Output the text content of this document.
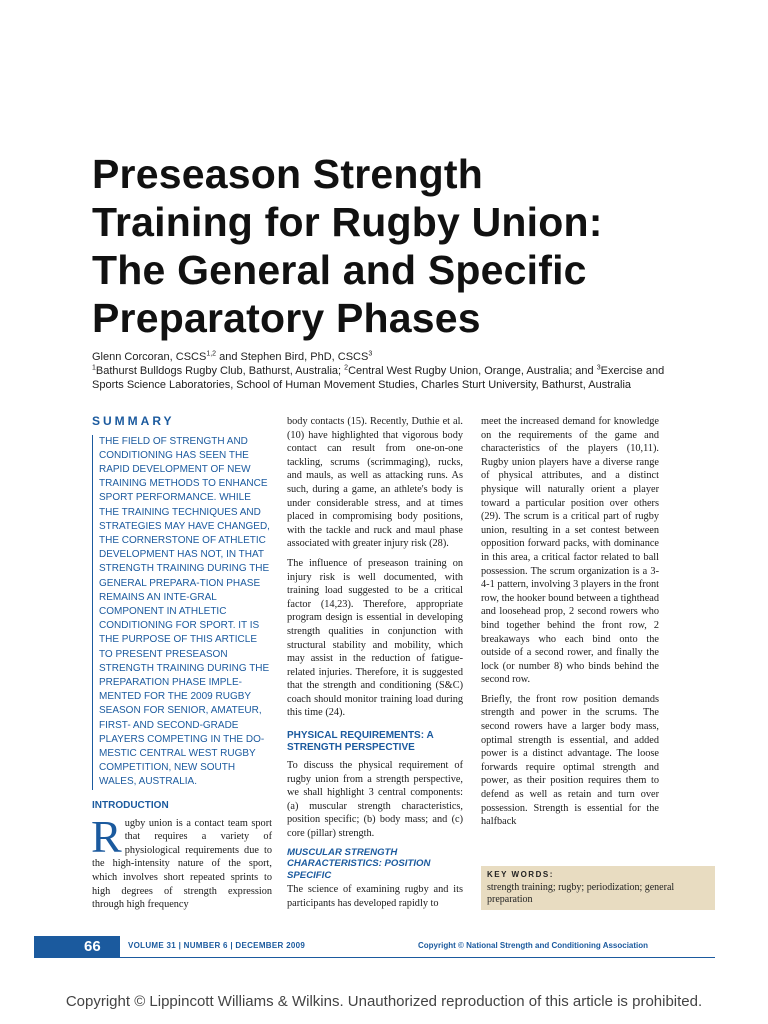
Preseason Strength
Training for Rugby Union:
The General and Specific
Preparatory Phases
Glenn Corcoran, CSCS$^{1,2}$ and Stephen Bird, PhD, CSCS$^3$
$^1$Bathurst Bulldogs Rugby Club, Bathurst, Australia; $^2$Central West Rugby Union, Orange, Australia; and $^3$Exercise and
Sports Science Laboratories, School of Human Movement Studies, Charles Sturt University, Bathurst, Australia
SUMMARY

THE FIELD OF STRENGTH AND CONDITIONING HAS SEEN THE RAPID DEVELOPMENT OF NEW TRAINING METHODS TO ENHANCE SPORT PERFORMANCE. WHILE THE TRAINING TECHNIQUES AND STRATEGIES MAY HAVE CHANGED, THE CORNERSTONE OF ATHLETIC DEVELOPMENT HAS NOT, IN THAT STRENGTH TRAINING DURING THE GENERAL PREPARA-TION PHASE REMAINS AN INTE-GRAL COMPONENT IN ATHLETIC CONDITIONING FOR SPORT. IT IS THE PURPOSE OF THIS ARTICLE TO PRESENT PRESEASON STRENGTH TRAINING DURING THE PREPARATION PHASE IMPLE-MENTED FOR THE 2009 RUGBY SEASON FOR SENIOR, AMATEUR, FIRST- AND SECOND-GRADE PLAYERS COMPETING IN THE DO-MESTIC CENTRAL WEST RUGBY COMPETITION, NEW SOUTH WALES, AUSTRALIA.

INTRODUCTION

Rugby union is a contact team sport that requires a variety of physiological requirements due to the high-intensity nature of the sport, which involves short repeated sprints to high degrees of strength expression through high frequency

body contacts (15). Recently, Duthie et al. (10) have highlighted that vigorous body contact can result from one-on-one tackling, scrums (scrimmaging), rucks, and mauls, as well as attacking runs. As such, during a game, an athlete's body is under considerable stress, and at times placed in compromising body positions, with the tackle and ruck and maul phase associated with greater injury risk (28).

The influence of preseason training on injury risk is well documented, with training load suggested to be a critical factor (14,23). Therefore, appropriate program design is essential in developing strength qualities in conjunction with structural stability and mobility, which may assist in the reduction of fatigue-related injuries. Therefore, it is suggested that the strength and conditioning (S&C) coach should monitor training load during this time (24).

PHYSICAL REQUIREMENTS: A STRENGTH PERSPECTIVE

To discuss the physical requirement of rugby union from a strength perspective, we shall highlight 3 central components: (a) muscular strength characteristics, position specific; (b) body mass; and (c) core (pillar) strength.

MUSCULAR STRENGTH CHARACTERISTICS: POSITION SPECIFIC

The science of examining rugby and its participants has developed rapidly to

meet the increased demand for knowledge on the requirements of the game and characteristics of the players (10,11). Rugby union players have a diverse range of physical attributes, and a distinct physique will naturally orient a player toward a particular position over others (29). The scrum is a critical part of rugby union, resulting in a set contest between opposition forward packs, with dominance in this area, a critical factor related to ball possession. The scrum organization is a 3-4-1 pattern, involving 3 players in the front row, the hooker bound between a tighthead and loosehead prop, 2 second rowers who bind together behind the front row, 2 breakaways who each bind onto the outside of a second rower, and finally the lock (or number 8) who binds behind the second row.

Briefly, the front row position demands strength and power in the scrums. The second rowers have a larger body mass, optimal strength is essential, and added power is a distinct advantage. The loose forwards require optimal strength and power, as their position requires them to defend as well as retain and turn over possession. Strength is essential for the halfback

KEY WORDS:
strength training; rugby; periodization; general preparation
66	VOLUME 31 | NUMBER 6 | DECEMBER 2009	Copyright © National Strength and Conditioning Association
Copyright © Lippincott Williams & Wilkins. Unauthorized reproduction of this article is prohibited.
